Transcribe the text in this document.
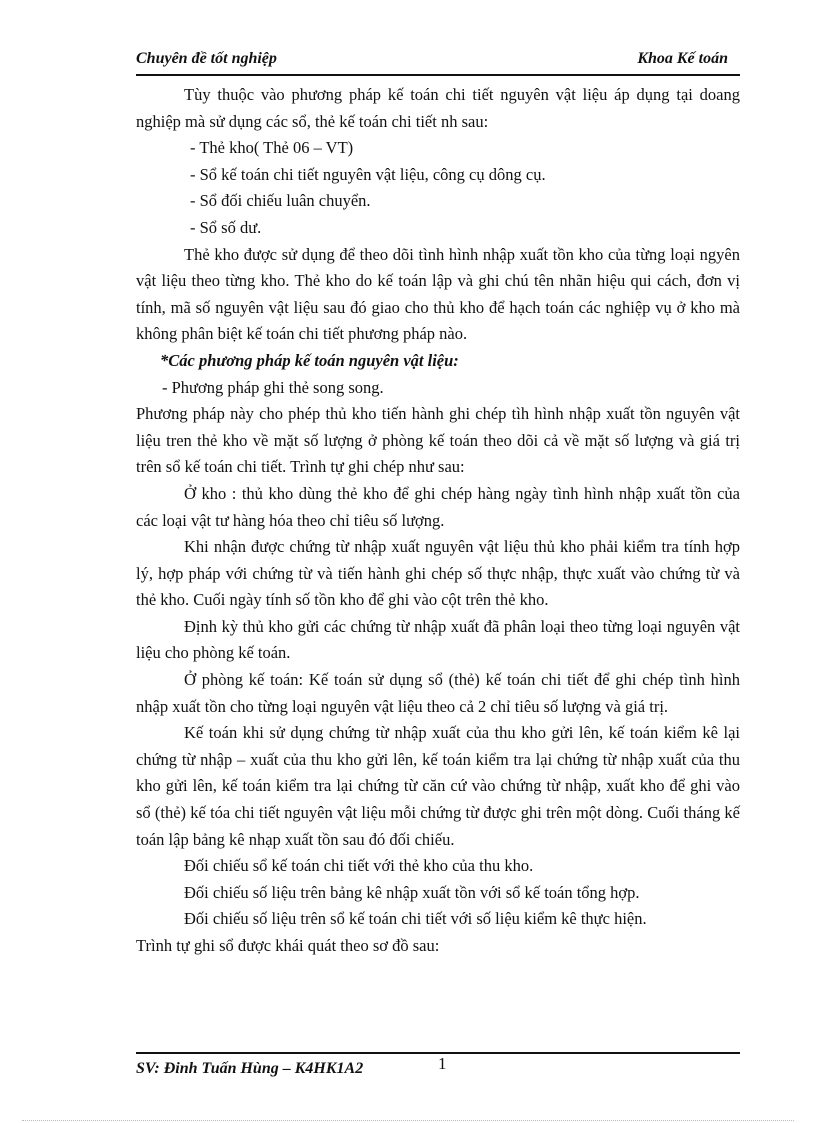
Chuyên đề tốt nghiệp	Khoa Kế toán

Tùy thuộc vào phương pháp kế toán chi tiết nguyên vật liệu áp dụng tại doang nghiệp mà sử dụng các sổ, thẻ kế toán chi tiết nh sau:

- Thẻ kho( Thẻ 06 – VT)

- Sổ kế toán chi tiết nguyên vật liệu, công cụ dông cụ.

- Sổ đối chiếu luân chuyển.

- Sổ số dư.

Thẻ kho được sử dụng để theo dõi tình hình nhập xuất tồn kho của từng loại ngyên vật liệu theo từng kho. Thẻ kho do kế toán lập và ghi chú tên nhãn hiệu qui cách, đơn vị tính, mã số nguyên vật liệu sau đó giao cho thủ kho để hạch toán các nghiệp vụ ở kho mà không phân biệt kế toán chi tiết phương pháp nào.

*Các phương pháp kế toán nguyên vật liệu:

- Phương pháp ghi thẻ song song.

Phương pháp này cho phép thủ kho tiến hành ghi chép tìh hình nhập xuất tồn nguyên vật liệu tren thẻ kho về mặt số lượng ở phòng kế toán theo dõi cả về mặt số lượng và giá trị trên sổ kế toán chi tiết. Trình tự ghi chép như sau:

Ở kho : thủ kho dùng thẻ kho để ghi chép hàng ngày tình hình nhập xuất tồn của các loại vật tư hàng hóa theo chỉ tiêu số lượng.

Khi nhận được chứng từ nhập xuất nguyên vật liệu thủ kho phải kiểm tra tính hợp lý, hợp pháp với chứng từ và tiến hành ghi chép số thực nhập, thực xuất vào chứng từ và thẻ kho. Cuối ngày tính số tồn kho để ghi vào cột trên thẻ kho.

Định kỳ thủ kho gửi các chứng từ nhập xuất đã phân loại theo từng loại nguyên vật liệu cho phòng kế toán.

Ở phòng kế toán: Kế toán sử dụng sổ (thẻ) kế toán chi tiết để ghi chép tình hình nhập xuất tồn cho từng loại nguyên vật liệu theo cả 2 chỉ tiêu số lượng và giá trị.

Kế toán khi sử dụng chứng từ nhập xuất của thu kho gửi lên, kế toán kiểm kê lại chứng từ nhập – xuất của thu kho gửi lên, kế toán kiểm tra lại chứng từ nhập xuất của thu kho gửi lên, kế toán kiểm tra lại chứng từ căn cứ vào chứng từ nhập, xuất kho để ghi vào sổ (thẻ) kế tóa chi tiết nguyên vật liệu mỗi chứng từ được ghi trên một dòng. Cuối tháng kế toán lập bảng kê nhạp xuất tồn sau đó đối chiếu.

Đối chiếu sổ kế toán chi tiết với thẻ kho của thu kho.

Đối chiếu số liệu trên bảng kê nhập xuất tồn với sổ kế toán tổng hợp.

Đối chiếu số liệu trên sổ kế toán chi tiết với số liệu kiểm kê thực hiện.

Trình tự ghi sổ được khái quát theo sơ đồ sau:

SV: Đinh Tuấn Hùng – K4HK1A2	1
